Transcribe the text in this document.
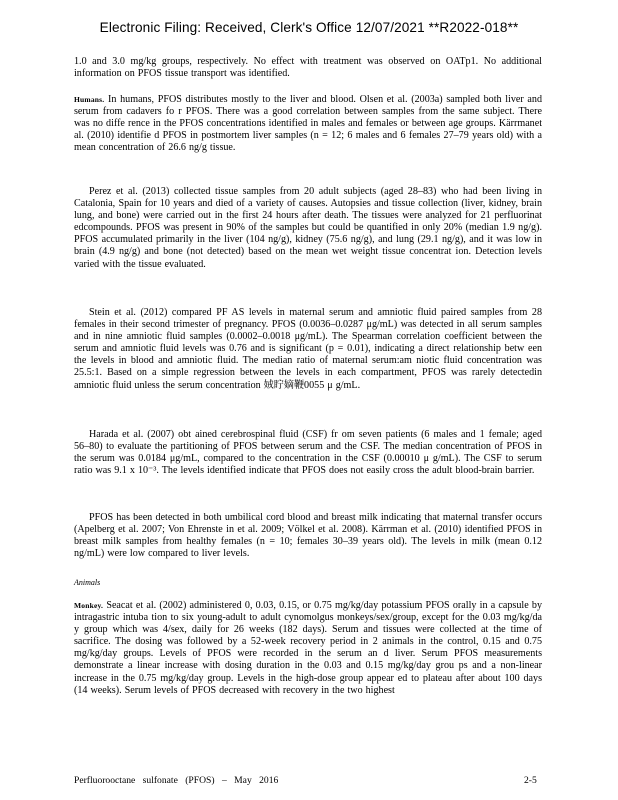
Electronic Filing: Received, Clerk's Office 12/07/2021 **R2022-018**

1.0 and 3.0 mg/kg groups, respectively. No effect with treatment was observed on OATp1. No additional information on PFOS tissue transport was identified.

Humans. In humans, PFOS distributes mostly to the liver and blood. Olsen et al. (2003a) sampled both liver and serum from cadavers fo r PFOS. There was a good correlation between samples from the same subject. There was no diffe rence in the PFOS concentrations identified in males and females or between age groups. Kärrmanet al. (2010) identifie d PFOS in postmortem liver samples (n = 12; 6 males and 6 females 27–79 years old) with a mean concentration of 26.6 ng/g tissue.

Perez et al. (2013) collected tissue samples from 20 adult subjects (aged 28–83) who had been living in Catalonia, Spain for 10 years and died of a variety of causes. Autopsies and tissue collection (liver, kidney, brain lung, and bone) were carried out in the first 24 hours after death. The tissues were analyzed for 21 perfluorinat edcompounds. PFOS was present in 90% of the samples but could be quantified in only 20% (median 1.9 ng/g). PFOS accumulated primarily in the liver (104 ng/g), kidney (75.6 ng/g), and lung (29.1 ng/g), and it was low in brain (4.9 ng/g) and bone (not detected) based on the mean wet weight tissue concentrat ion. Detection levels varied with the tissue evaluated.

Stein et al. (2012) compared PF AS levels in maternal serum and amniotic fluid paired samples from 28 females in their second trimester of pregnancy. PFOS (0.0036–0.0287 μg/mL) was detected in all serum samples and in nine amniotic fluid samples (0.0002–0.0018 μg/mL). The Spearman correlation coefficient between the serum and amniotic fluid levels was 0.76 and is significant (p = 0.01), indicating a direct relationship betw een the levels in blood and amniotic fluid. The median ratio of maternal serum:am niotic fluid concentration was 25.5:1. Based on a simple regression between the levels in each compartment, PFOS was rarely detectedin amniotic fluid unless the serum concentration 娀眝嫡鞭0055 μ g/mL.

Harada et al. (2007) obt ained cerebrospinal fluid (CSF) fr om seven patients (6 males and 1 female; aged 56–80) to evaluate the partitioning of PFOS between serum and the CSF. The median concentration of PFOS in the serum was 0.0184 μg/mL, compared to the concentration in the CSF (0.00010 μ g/mL). The CSF to serum ratio was 9.1 x 10⁻³. The levels identified indicate that PFOS does not easily cross the adult blood-brain barrier.

PFOS has been detected in both umbilical cord blood and breast milk indicating that maternal transfer occurs (Apelberg et al. 2007; Von Ehrenste in et al. 2009; Völkel et al. 2008). Kärrman et al. (2010) identified PFOS in breast milk samples from healthy females (n = 10; females 30–39 years old). The levels in milk (mean 0.12 ng/mL) were low compared to liver levels.

Animals

Monkey. Seacat et al. (2002) administered 0, 0.03, 0.15, or 0.75 mg/kg/day potassium PFOS orally in a capsule by intragastric intuba tion to six young-adult to adult cynomolgus monkeys/sex/group, except for the 0.03 mg/kg/da y group which was 4/sex, daily for 26 weeks (182 days). Serum and tissues were collected at the time of sacrifice. The dosing was followed by a 52-week recovery period in 2 animals in the control, 0.15 and 0.75 mg/kg/day groups. Levels of PFOS were recorded in the serum an d liver. Serum PFOS measurements demonstrate a linear increase with dosing duration in the 0.03 and 0.15 mg/kg/day grou ps and a non-linear increase in the 0.75 mg/kg/day group. Levels in the high-dose group appear ed to plateau after about 100 days (14 weeks). Serum levels of PFOS decreased with recovery in the two highest

Perfluorooctane sulfonate (PFOS) – May 2016	2-5
